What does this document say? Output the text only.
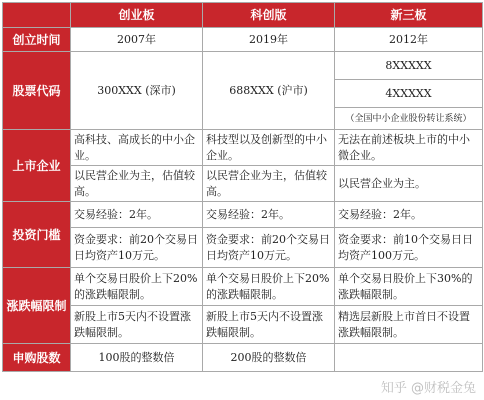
	创业板	科创版	新三板
创立时间	2007年	2019年	2012年
股票代码	300XXX (深市)	688XXX (沪市)	8XXXXX
			4XXXXX
			（全国中小企业股份转让系统）
上市企业	高科技、高成长的中小企业。	科技型以及创新型的中小企业。	无法在前述板块上市的中小微企业。
	以民营企业为主，估值较高。	以民营企业为主，估值较高。	以民营企业为主。
投资门槛	交易经验：2年。	交易经验：2年。	交易经验：2年。
	资金要求：前20个交易日日均资产10万元。	资金要求：前20个交易日日均资产10万元。	资金要求：前10个交易日日均资产100万元。
涨跌幅限制	单个交易日股价上下20%的涨跌幅限制。	单个交易日股价上下20%的涨跌幅限制。	单个交易日股价上下30%的涨跌幅限制。
	新股上市5天内不设置涨跌幅限制。	新股上市5天内不设置涨跌幅限制。	精选层新股上市首日不设置涨跌幅限制。
申购股数	100股的整数倍	200股的整数倍	
知乎 @财税金兔
